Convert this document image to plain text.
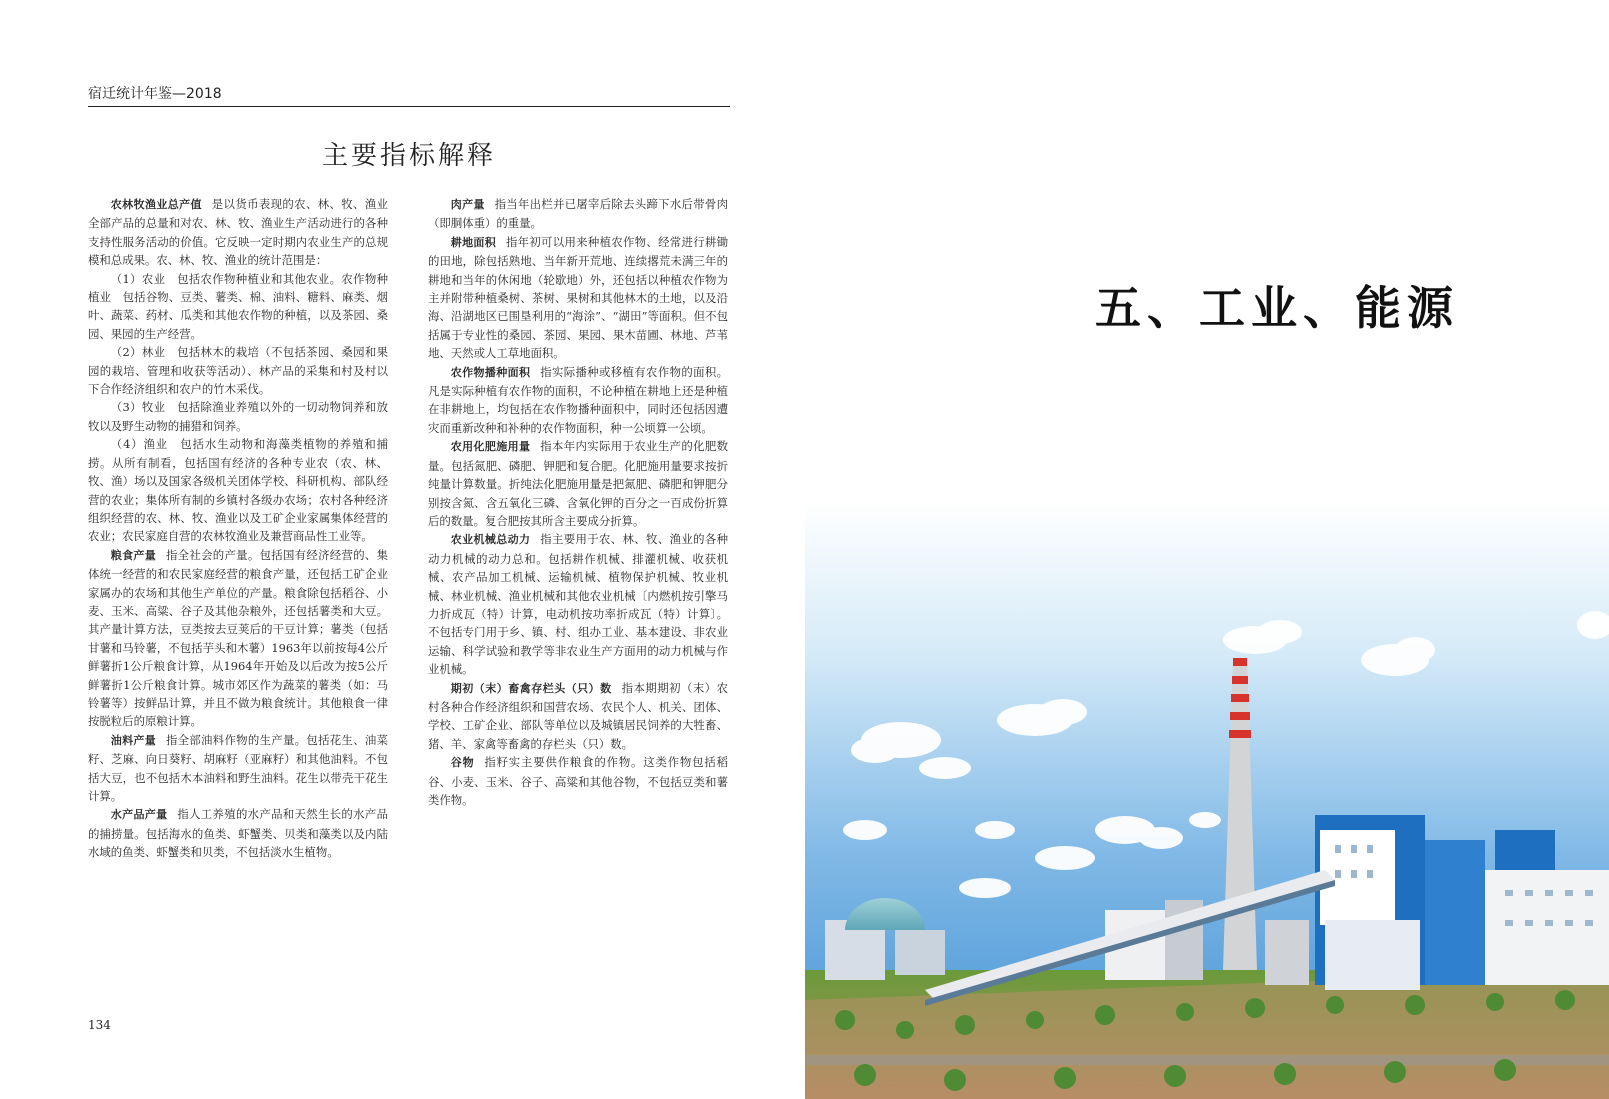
宿迁统计年鉴—2018
主要指标解释

农林牧渔业总产值 是以货币表现的农、林、牧、渔业全部产品的总量和对农、林、牧、渔业生产活动进行的各种支持性服务活动的价值。它反映一定时期内农业生产的总规模和总成果。农、林、牧、渔业的统计范围是：

（1）农业　包括农作物种植业和其他农业。农作物种植业　包括谷物、豆类、薯类、棉、油料、糖料、麻类、烟叶、蔬菜、药材、瓜类和其他农作物的种植，以及茶园、桑园、果园的生产经营。

（2）林业　包括林木的栽培（不包括茶园、桑园和果园的栽培、管理和收获等活动）、林产品的采集和村及村以下合作经济组织和农户的竹木采伐。

（3）牧业　包括除渔业养殖以外的一切动物饲养和放牧以及野生动物的捕猎和饲养。

（4）渔业　包括水生动物和海藻类植物的养殖和捕捞。从所有制看，包括国有经济的各种专业农（农、林、牧、渔）场以及国家各级机关团体学校、科研机构、部队经营的农业；集体所有制的乡镇村各级办农场；农村各种经济组织经营的农、林、牧、渔业以及工矿企业家属集体经营的农业；农民家庭自营的农林牧渔业及兼营商品性工业等。

粮食产量 指全社会的产量。包括国有经济经营的、集体统一经营的和农民家庭经营的粮食产量，还包括工矿企业家属办的农场和其他生产单位的产量。粮食除包括稻谷、小麦、玉米、高粱、谷子及其他杂粮外，还包括薯类和大豆。其产量计算方法，豆类按去豆荚后的干豆计算；薯类（包括甘薯和马铃薯，不包括芋头和木薯）1963年以前按每4公斤鲜薯折1公斤粮食计算，从1964年开始及以后改为按5公斤鲜薯折1公斤粮食计算。城市郊区作为蔬菜的薯类（如：马铃薯等）按鲜品计算，并且不做为粮食统计。其他粮食一律按脱粒后的原粮计算。

油料产量 指全部油料作物的生产量。包括花生、油菜籽、芝麻、向日葵籽、胡麻籽（亚麻籽）和其他油料。不包括大豆，也不包括木本油料和野生油料。花生以带壳干花生计算。

水产品产量 指人工养殖的水产品和天然生长的水产品的捕捞量。包括海水的鱼类、虾蟹类、贝类和藻类以及内陆水域的鱼类、虾蟹类和贝类，不包括淡水生植物。

肉产量 指当年出栏并已屠宰后除去头蹄下水后带骨肉（即胴体重）的重量。

耕地面积 指年初可以用来种植农作物、经常进行耕锄的田地，除包括熟地、当年新开荒地、连续撂荒未满三年的耕地和当年的休闲地（轮歇地）外，还包括以种植农作物为主并附带种植桑树、茶树、果树和其他林木的土地，以及沿海、沿湖地区已围垦利用的“海涂”、“湖田”等面积。但不包括属于专业性的桑园、茶园、果园、果木苗圃、林地、芦苇地、天然或人工草地面积。

农作物播种面积 指实际播种或移植有农作物的面积。凡是实际种植有农作物的面积，不论种植在耕地上还是种植在非耕地上，均包括在农作物播种面积中，同时还包括因遭灾而重新改种和补种的农作物面积，种一公顷算一公顷。

农用化肥施用量 指本年内实际用于农业生产的化肥数量。包括氮肥、磷肥、钾肥和复合肥。化肥施用量要求按折纯量计算数量。折纯法化肥施用量是把氮肥、磷肥和钾肥分别按含氮、含五氧化三磷、含氧化钾的百分之一百成份折算后的数量。复合肥按其所含主要成分折算。

农业机械总动力 指主要用于农、林、牧、渔业的各种动力机械的动力总和。包括耕作机械、排灌机械、收获机械、农产品加工机械、运输机械、植物保护机械、牧业机械、林业机械、渔业机械和其他农业机械〔内燃机按引擎马力折成瓦（特）计算，电动机按功率折成瓦（特）计算〕。不包括专门用于乡、镇、村、组办工业、基本建设、非农业运输、科学试验和教学等非农业生产方面用的动力机械与作业机械。

期初（末）畜禽存栏头（只）数 指本期期初（末）农村各种合作经济组织和国营农场、农民个人、机关、团体、学校、工矿企业、部队等单位以及城镇居民饲养的大牲畜、猪、羊、家禽等畜禽的存栏头（只）数。

谷物 指籽实主要供作粮食的作物。这类作物包括稻谷、小麦、玉米、谷子、高粱和其他谷物，不包括豆类和薯类作物。

134
五、工业、能源
